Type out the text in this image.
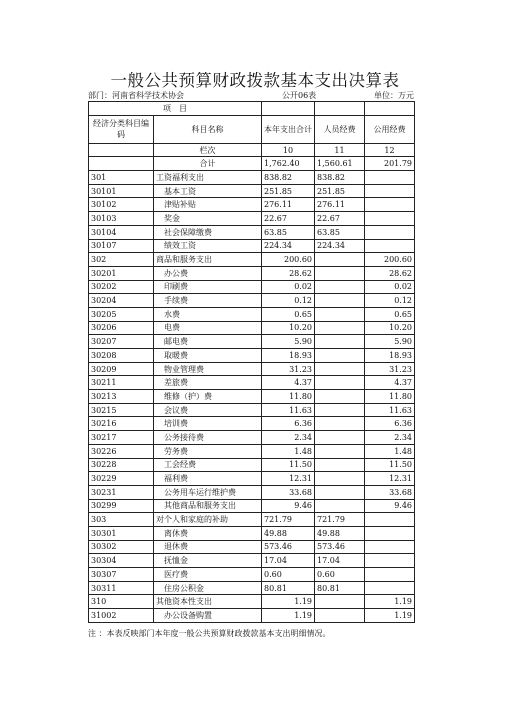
一般公共预算财政拨款基本支出决算表
部门：河南省科学技术协会	公开06表	单位：万元
项　目				
经济分类科目编码	科目名称	本年支出合计	人员经费	公用经费
	栏次	10	11	12
	合计	1,762.40	1,560.61	201.79
301	工资福利支出	838.82	838.82	
30101	基本工资	251.85	251.85	
30102	津贴补贴	276.11	276.11	
30103	奖金	22.67	22.67	
30104	社会保障缴费	63.85	63.85	
30107	绩效工资	224.34	224.34	
302	商品和服务支出	200.60		200.60
30201	办公费	28.62		28.62
30202	印刷费	0.02		0.02
30204	手续费	0.12		0.12
30205	水费	0.65		0.65
30206	电费	10.20		10.20
30207	邮电费	5.90		5.90
30208	取暖费	18.93		18.93
30209	物业管理费	31.23		31.23
30211	差旅费	4.37		4.37
30213	维修（护）费	11.80		11.80
30215	会议费	11.63		11.63
30216	培训费	6.36		6.36
30217	公务接待费	2.34		2.34
30226	劳务费	1.48		1.48
30228	工会经费	11.50		11.50
30229	福利费	12.31		12.31
30231	公务用车运行维护费	33.68		33.68
30299	其他商品和服务支出	9.46		9.46
303	对个人和家庭的补助	721.79	721.79	
30301	离休费	49.88	49.88	
30302	退休费	573.46	573.46	
30304	抚恤金	17.04	17.04	
30307	医疗费	0.60	0.60	
30311	住房公积金	80.81	80.81	
310	其他资本性支出	1.19		1.19
31002	办公设备购置	1.19		1.19
注 ：本表反映部门本年度一般公共预算财政拨款基本支出明细情况。
